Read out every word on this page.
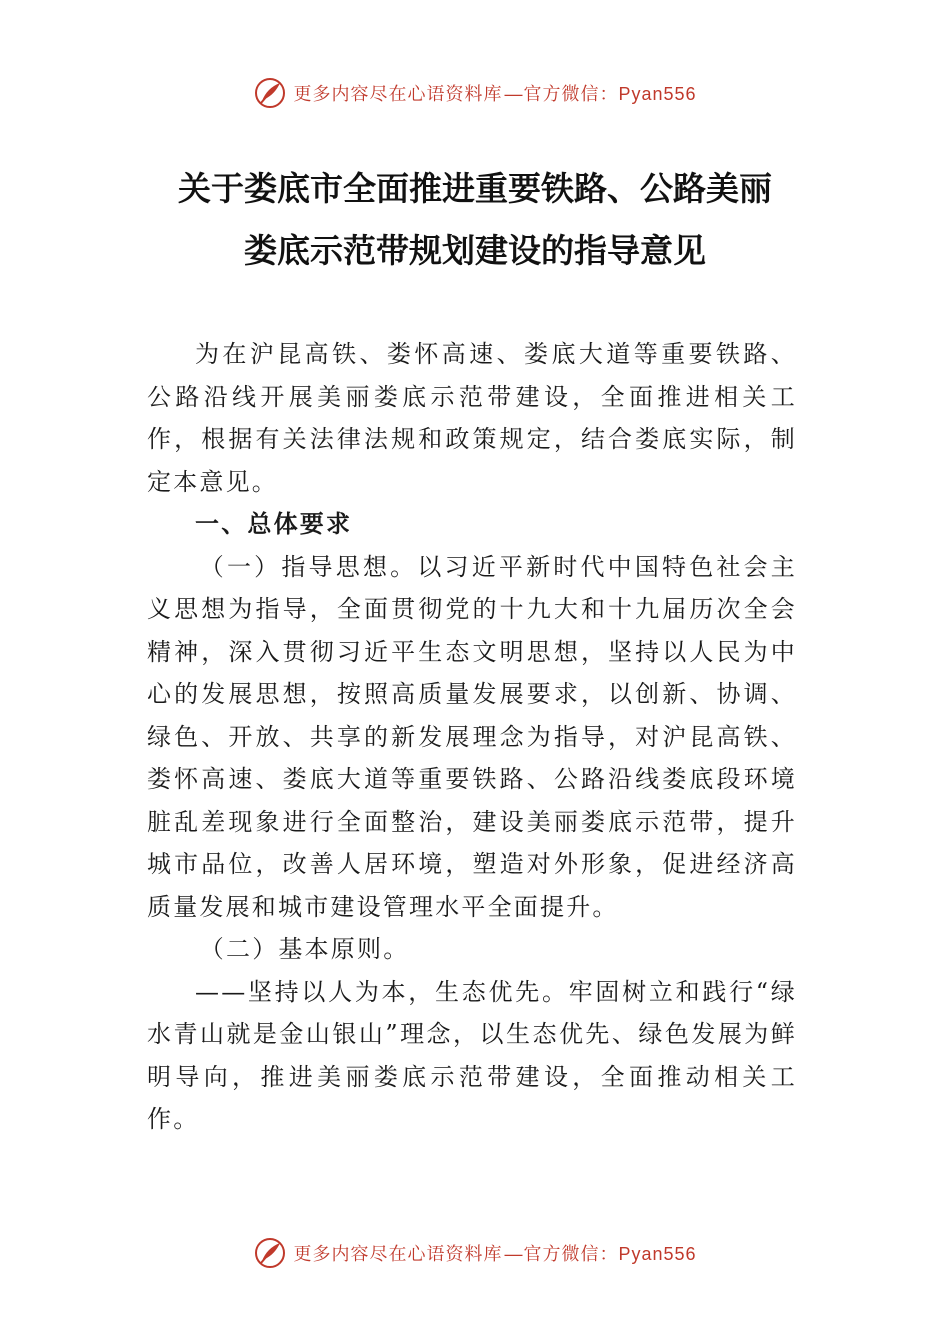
更多内容尽在心语资料库 —官方微信：Pyan556
关于娄底市全面推进重要铁路、公路美丽
娄底示范带规划建设的指导意见

为在沪昆高铁、娄怀高速、娄底大道等重要铁路、公路沿线开展美丽娄底示范带建设，全面推进相关工作，根据有关法律法规和政策规定，结合娄底实际，制定本意见。

一、总体要求

（一）指导思想。以习近平新时代中国特色社会主义思想为指导，全面贯彻党的十九大和十九届历次全会精神，深入贯彻习近平生态文明思想，坚持以人民为中心的发展思想，按照高质量发展要求，以创新、协调、绿色、开放、共享的新发展理念为指导，对沪昆高铁、娄怀高速、娄底大道等重要铁路、公路沿线娄底段环境脏乱差现象进行全面整治，建设美丽娄底示范带，提升城市品位，改善人居环境，塑造对外形象，促进经济高质量发展和城市建设管理水平全面提升。

（二）基本原则。

——坚持以人为本，生态优先。牢固树立和践行“绿水青山就是金山银山”理念，以生态优先、绿色发展为鲜明导向，推进美丽娄底示范带建设，全面推动相关工作。

更多内容尽在心语资料库 —官方微信：Pyan556
